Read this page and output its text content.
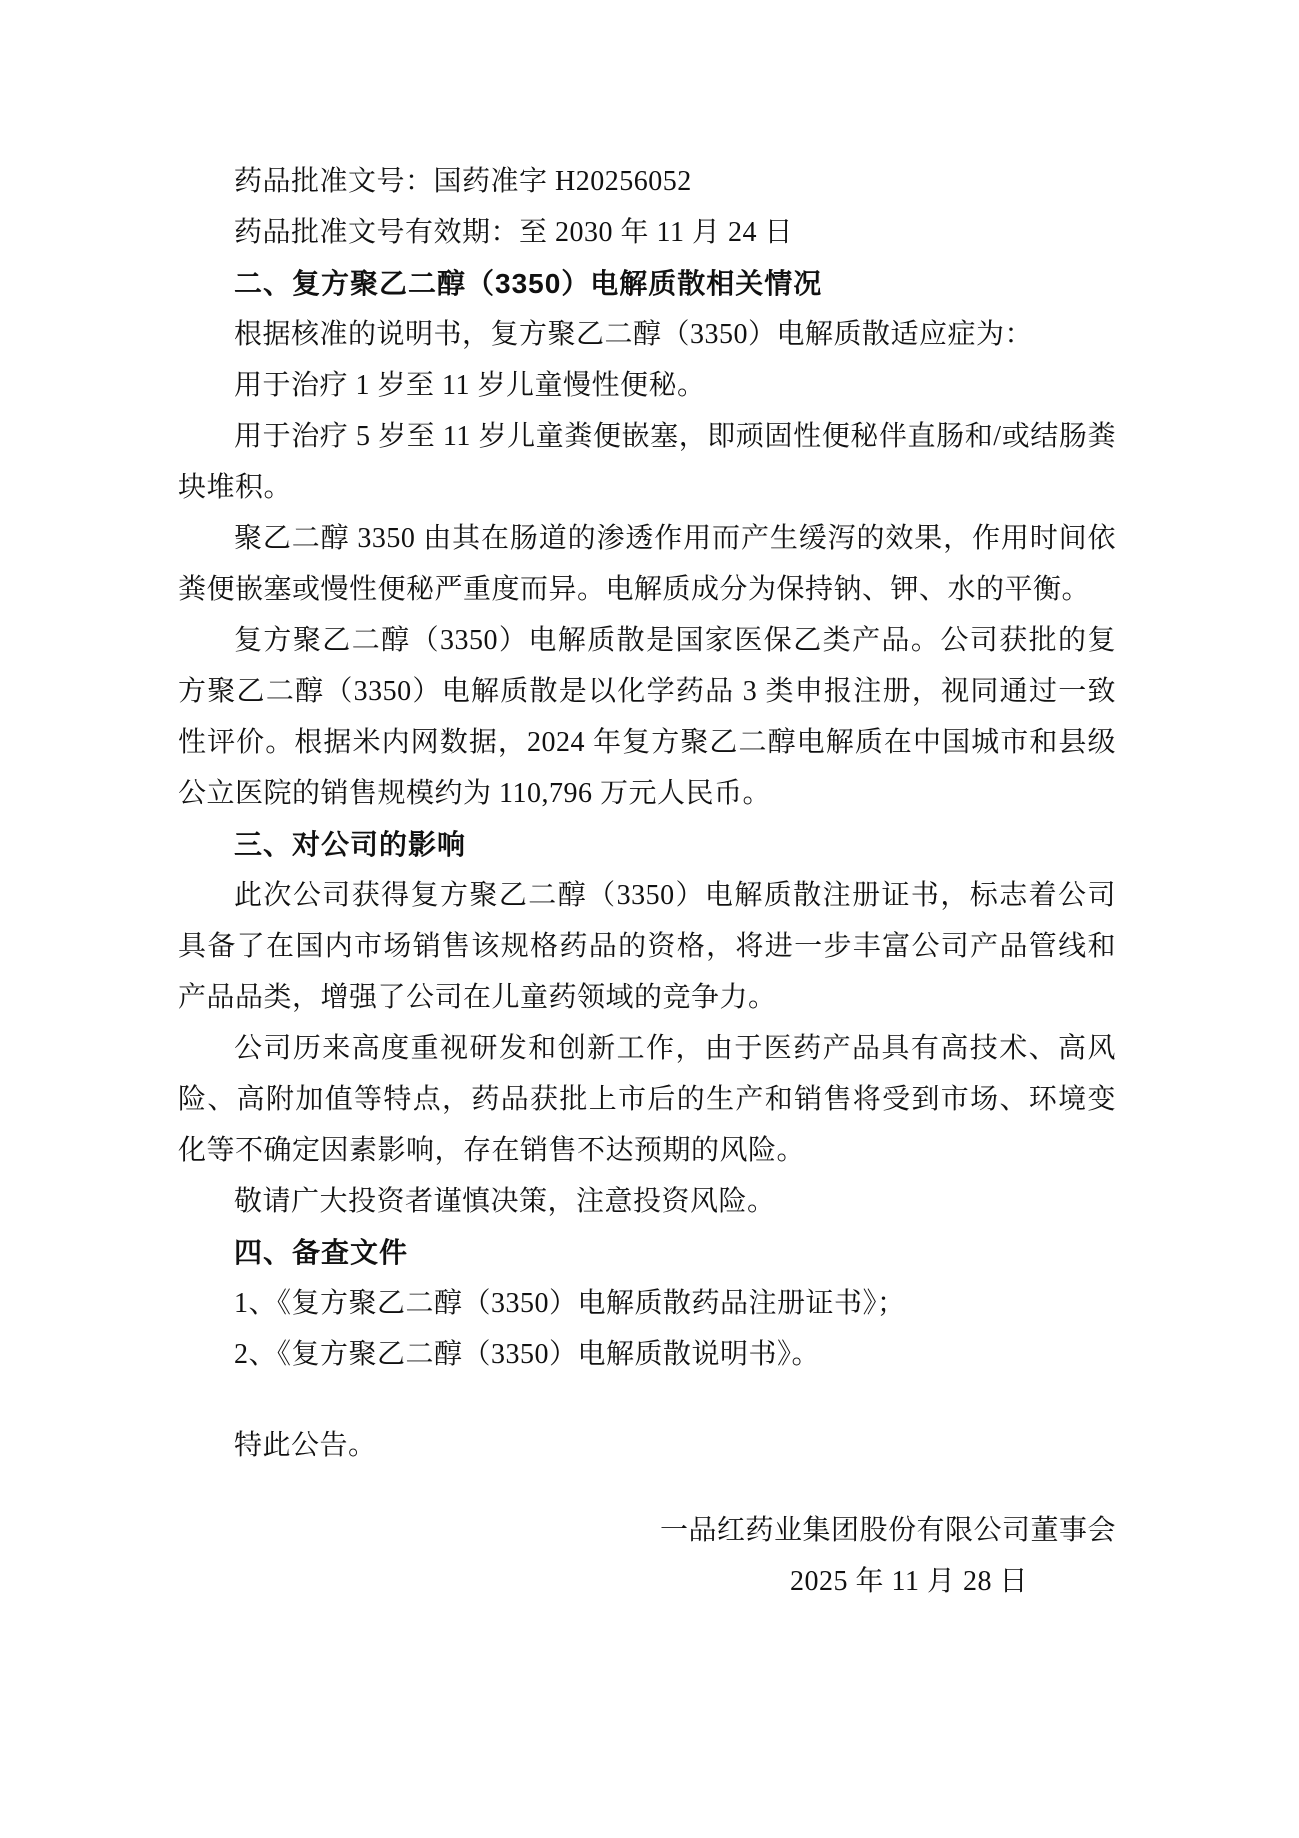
药品批准文号：国药准字 H20256052

药品批准文号有效期：至 2030 年 11 月 24 日

二、复方聚乙二醇（3350）电解质散相关情况

根据核准的说明书，复方聚乙二醇（3350）电解质散适应症为：

用于治疗 1 岁至 11 岁儿童慢性便秘。

用于治疗 5 岁至 11 岁儿童粪便嵌塞，即顽固性便秘伴直肠和/或结肠粪块堆积。

聚乙二醇 3350 由其在肠道的渗透作用而产生缓泻的效果，作用时间依粪便嵌塞或慢性便秘严重度而异。电解质成分为保持钠、钾、水的平衡。

复方聚乙二醇（3350）电解质散是国家医保乙类产品。公司获批的复方聚乙二醇（3350）电解质散是以化学药品 3 类申报注册，视同通过一致性评价。根据米内网数据，2024 年复方聚乙二醇电解质在中国城市和县级公立医院的销售规模约为 110,796 万元人民币。

三、对公司的影响

此次公司获得复方聚乙二醇（3350）电解质散注册证书，标志着公司具备了在国内市场销售该规格药品的资格，将进一步丰富公司产品管线和产品品类，增强了公司在儿童药领域的竞争力。

公司历来高度重视研发和创新工作，由于医药产品具有高技术、高风险、高附加值等特点，药品获批上市后的生产和销售将受到市场、环境变化等不确定因素影响，存在销售不达预期的风险。

敬请广大投资者谨慎决策，注意投资风险。

四、备查文件

1、《复方聚乙二醇（3350）电解质散药品注册证书》；

2、《复方聚乙二醇（3350）电解质散说明书》。

特此公告。

一品红药业集团股份有限公司董事会

2025 年 11 月 28 日
